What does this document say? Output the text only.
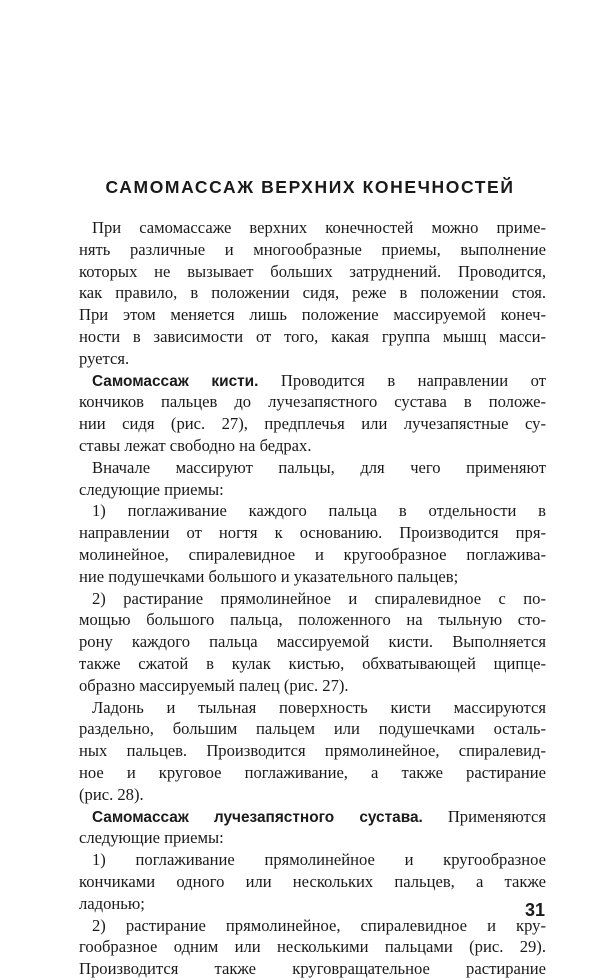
САМОМАССАЖ ВЕРХНИХ КОНЕЧНОСТЕЙ
При самомассаже верхних конечностей можно приме-
нять различные и многообразные приемы, выполнение
которых не вызывает больших затруднений. Проводится,
как правило, в положении сидя, реже в положении стоя.
При этом меняется лишь положение массируемой конеч-
ности в зависимости от того, какая группа мышц масси-
руется.
Самомассаж кисти. Проводится в направлении от
кончиков пальцев до лучезапястного сустава в положе-
нии сидя (рис. 27), предплечья или лучезапястные су-
ставы лежат свободно на бедрах.
Вначале массируют пальцы, для чего применяют
следующие приемы:
1) поглаживание каждого пальца в отдельности в
направлении от ногтя к основанию. Производится пря-
молинейное, спиралевидное и кругообразное поглажива-
ние подушечками большого и указательного пальцев;
2) растирание прямолинейное и спиралевидное с по-
мощью большого пальца, положенного на тыльную сто-
рону каждого пальца массируемой кисти. Выполняется
также сжатой в кулак кистью, обхватывающей щипце-
образно массируемый палец (рис. 27).
Ладонь и тыльная поверхность кисти массируются
раздельно, большим пальцем или подушечками осталь-
ных пальцев. Производится прямолинейное, спиралевид-
ное и круговое поглаживание, а также растирание
(рис. 28).
Самомассаж лучезапястного сустава. Применяются
следующие приемы:
1) поглаживание прямолинейное и кругообразное
кончиками одного или нескольких пальцев, а также
ладонью;
2) растирание прямолинейное, спиралевидное и кру-
гообразное одним или несколькими пальцами (рис. 29).
Производится также круговращательное растирание
31
